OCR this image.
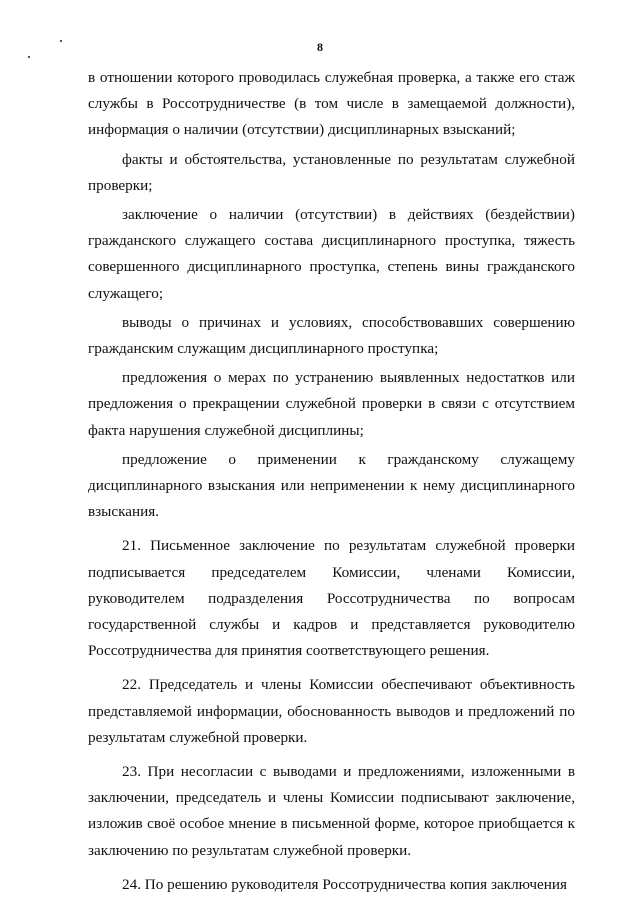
8

в отношении которого проводилась служебная проверка, а также его стаж службы в Россотрудничестве (в том числе в замещаемой должности), информация о наличии (отсутствии) дисциплинарных взысканий;

факты и обстоятельства, установленные по результатам служебной проверки;

заключение о наличии (отсутствии) в действиях (бездействии) гражданского служащего состава дисциплинарного проступка, тяжесть совершенного дисциплинарного проступка, степень вины гражданского служащего;

выводы о причинах и условиях, способствовавших совершению гражданским служащим дисциплинарного проступка;

предложения о мерах по устранению выявленных недостатков или предложения о прекращении служебной проверки в связи с отсутствием факта нарушения служебной дисциплины;

предложение о применении к гражданскому служащему дисциплинарного взыскания или неприменении к нему дисциплинарного взыскания.

21. Письменное заключение по результатам служебной проверки подписывается председателем Комиссии, членами Комиссии, руководителем подразделения Россотрудничества по вопросам государственной службы и кадров и представляется руководителю Россотрудничества для принятия соответствующего решения.

22. Председатель и члены Комиссии обеспечивают объективность представляемой информации, обоснованность выводов и предложений по результатам служебной проверки.

23. При несогласии с выводами и предложениями, изложенными в заключении, председатель и члены Комиссии подписывают заключение, изложив своё особое мнение в письменной форме, которое приобщается к заключению по результатам служебной проверки.

24. По решению руководителя Россотрудничества копия заключения
